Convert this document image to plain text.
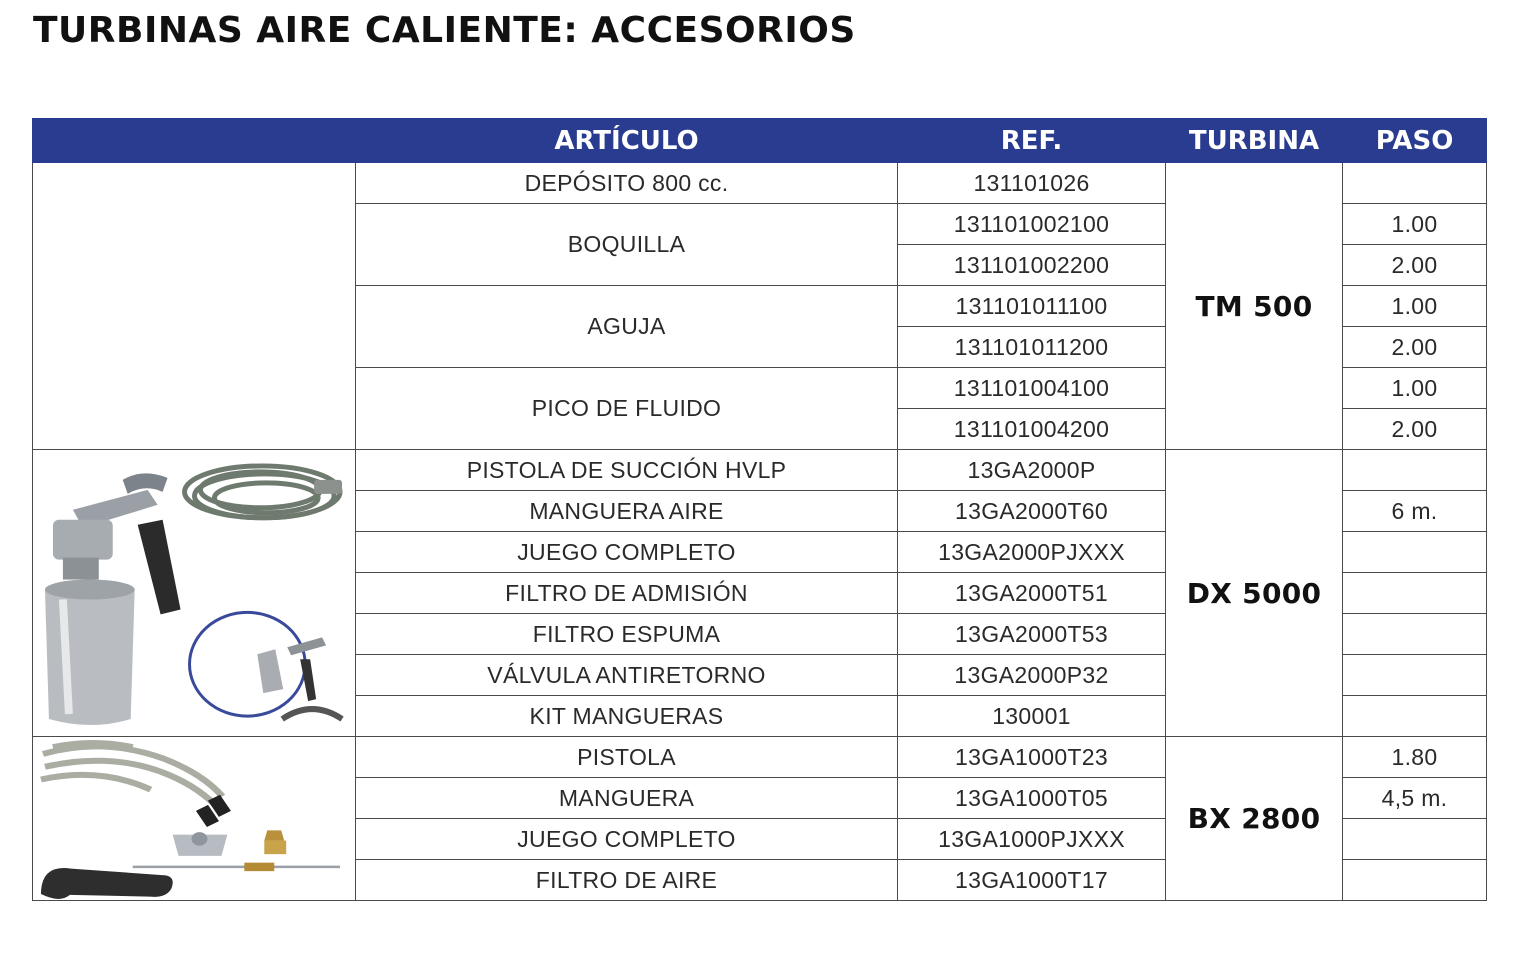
TURBINAS AIRE CALIENTE: ACCESORIOS
	ARTÍCULO	REF.	TURBINA	PASO
	DEPÓSITO 800 cc.	131101026	TM 500	
	BOQUILLA	131101002100		1.00
		131101002200		2.00
	AGUJA	131101011100		1.00
		131101011200		2.00
	PICO DE FLUIDO	131101004100		1.00
		131101004200		2.00

	PISTOLA DE SUCCIÓN HVLP	13GA2000P	DX 5000	
	MANGUERA AIRE	13GA2000T60		6 m.
	JUEGO COMPLETO	13GA2000PJXXX		
	FILTRO DE ADMISIÓN	13GA2000T51		
	FILTRO ESPUMA	13GA2000T53		
	VÁLVULA ANTIRETORNO	13GA2000P32		
	KIT MANGUERAS	130001		

	PISTOLA	13GA1000T23	BX 2800	1.80
	MANGUERA	13GA1000T05		4,5 m.
	JUEGO COMPLETO	13GA1000PJXXX		
	FILTRO DE AIRE	13GA1000T17		
